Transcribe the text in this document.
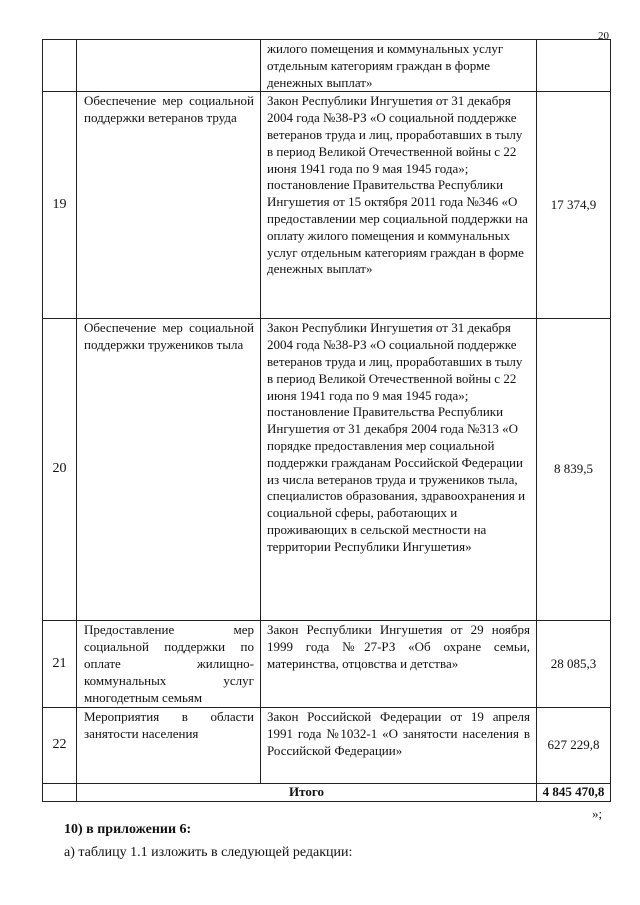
20
		жилого помещения и коммунальных услуг отдельным категориям граждан в форме денежных выплат»	
19	Обеспечение мер социальной поддержки ветеранов труда	Закон Республики Ингушетия от 31 декабря 2004 года №38-РЗ «О социальной поддержке ветеранов труда и лиц, проработавших в тылу в период Великой Отечественной войны с 22 июня 1941 года по 9 мая 1945 года»; постановление Правительства Республики Ингушетия от 15 октября 2011 года №346 «О предоставлении мер социальной поддержки на оплату жилого помещения и коммунальных услуг отдельным категориям граждан в форме денежных выплат»	17 374,9
20	Обеспечение мер социальной поддержки тружеников тыла	Закон Республики Ингушетия от 31 декабря 2004 года №38-РЗ «О социальной поддержке ветеранов труда и лиц, проработавших в тылу в период Великой Отечественной войны с 22 июня 1941 года по 9 мая 1945 года»; постановление Правительства Республики Ингушетия от 31 декабря 2004 года №313 «О порядке предоставления мер социальной поддержки гражданам Российской Федерации из числа ветеранов труда и тружеников тыла, специалистов образования, здравоохранения и социальной сферы, работающих и проживающих в сельской местности на территории Республики Ингушетия»	8 839,5
21	Предоставление мер социальной поддержки по оплате жилищно-коммунальных услуг многодетным семьям	Закон Республики Ингушетия от 29 ноября 1999 года №27-РЗ «Об охране семьи, материнства, отцовства и детства»	28 085,3
22	Мероприятия в области занятости населения	Закон Российской Федерации от 19 апреля 1991 года №1032-1 «О занятости населения в Российской Федерации»	627 229,8
	Итого		4 845 470,8
»;
10) в приложении 6:
а) таблицу 1.1 изложить в следующей редакции:
